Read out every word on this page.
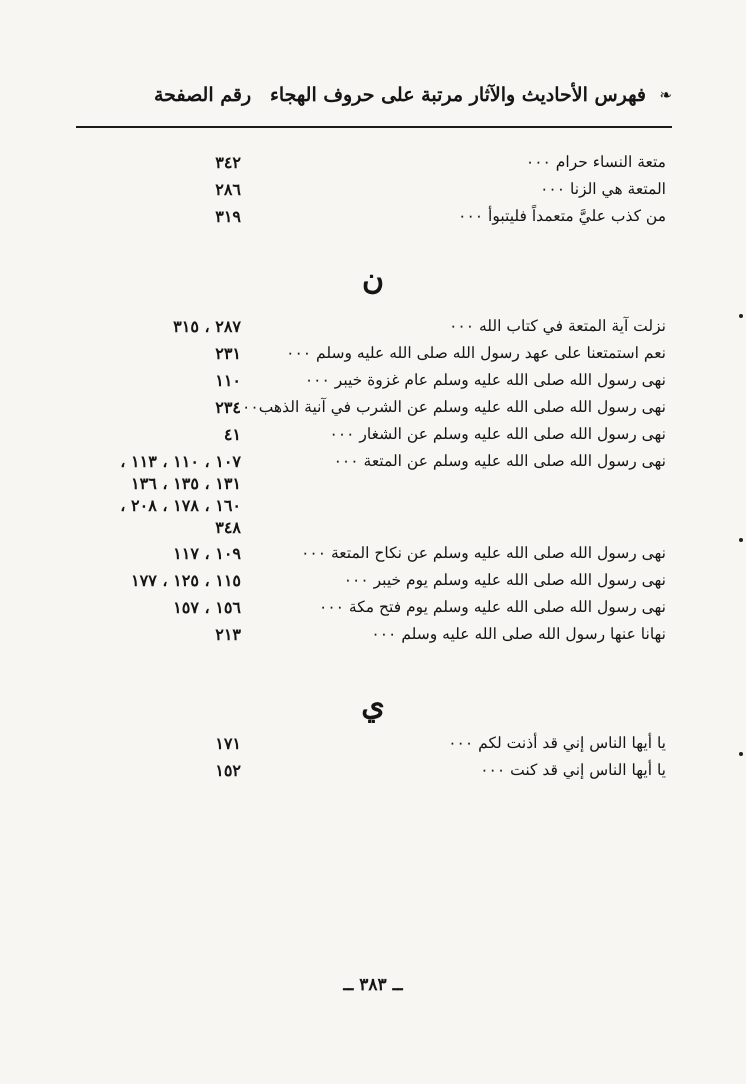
❧
فهرس الأحاديث والآثار مرتبة على حروف الهجاء
رقم الصفحة
متعة النساء حرام ٠٠٠
٣٤٢
المتعة هي الزنا ٠٠٠
٢٨٦
من كذب عليَّ متعمداً فليتبوأ ٠٠٠
٣١٩
ن
نزلت آية المتعة في كتاب الله ٠٠٠
٢٨٧ ، ٣١٥
نعم استمتعنا على عهد رسول الله صلى الله عليه وسلم ٠٠٠
٢٣١
نهى رسول الله صلى الله عليه وسلم عام غزوة خيبر ٠٠٠
١١٠
نهى رسول الله صلى الله عليه وسلم عن الشرب في آنية الذهب٠٠
٢٣٤
نهى رسول الله صلى الله عليه وسلم عن الشغار ٠٠٠
٤١
نهى رسول الله صلى الله عليه وسلم عن المتعة ٠٠٠
١٠٧ ، ١١٠ ، ١١٣ ،
١٣١ ، ١٣٥ ، ١٣٦
١٦٠ ، ١٧٨ ، ٢٠٨ ،
٣٤٨
نهى رسول الله صلى الله عليه وسلم عن نكاح المتعة ٠٠٠
١٠٩ ، ١١٧
نهى رسول الله صلى الله عليه وسلم يوم خيبر ٠٠٠
١١٥ ، ١٢٥ ، ١٧٧
نهى رسول الله صلى الله عليه وسلم يوم فتح مكة ٠٠٠
١٥٦ ، ١٥٧
نهانا عنها رسول الله صلى الله عليه وسلم ٠٠٠
٢١٣
ي
يا أيها الناس إني قد أذنت لكم ٠٠٠
١٧١
يا أيها الناس إني قد كنت ٠٠٠
١٥٢
ــ ٣٨٣ ــ
